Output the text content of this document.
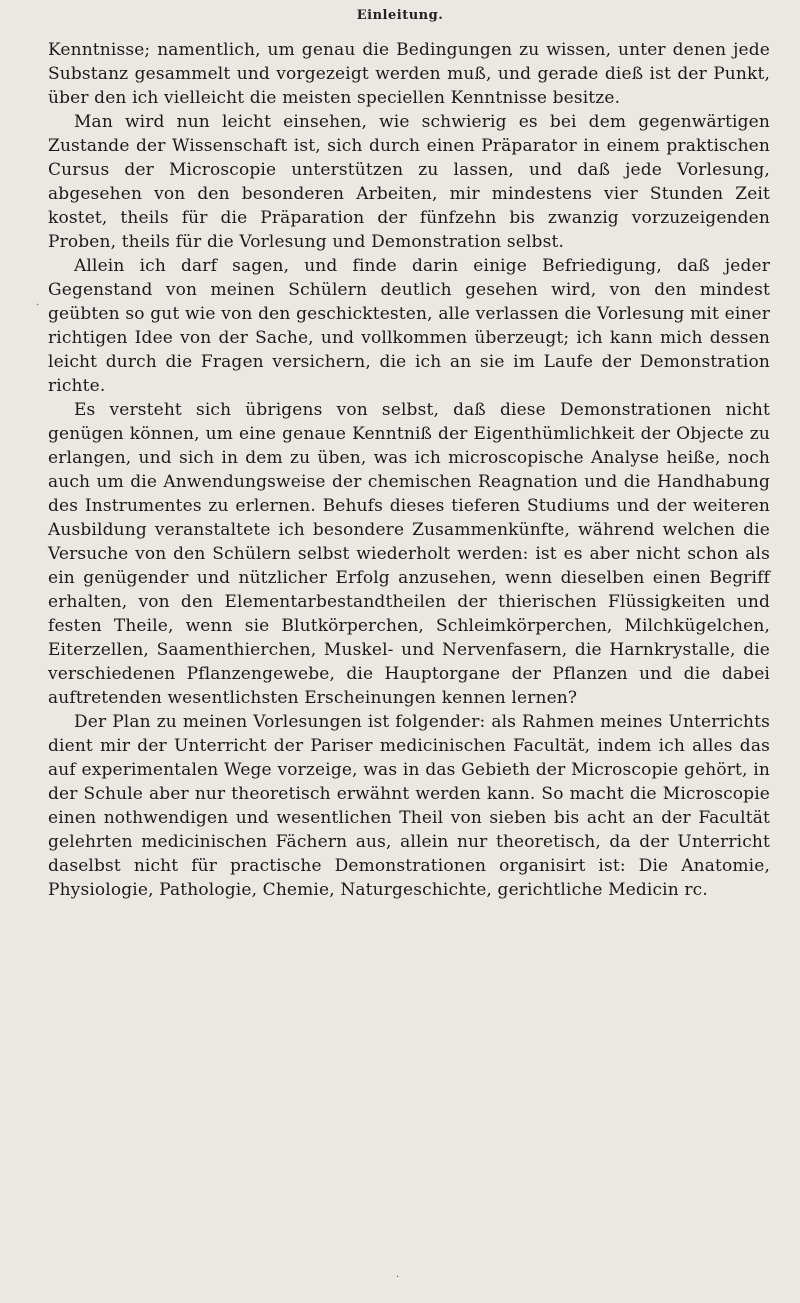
Einleitung.

Kenntnisse; namentlich, um genau die Bedingungen zu wissen, unter denen jede Substanz gesammelt und vorgezeigt werden muß, und gerade dieß ist der Punkt, über den ich vielleicht die meisten speciellen Kenntnisse besitze.

Man wird nun leicht einsehen, wie schwierig es bei dem gegenwärtigen Zustande der Wissenschaft ist, sich durch einen Präparator in einem praktischen Cursus der Microscopie unterstützen zu lassen, und daß jede Vorlesung, abgesehen von den besonderen Arbeiten, mir mindestens vier Stunden Zeit kostet, theils für die Präparation der fünfzehn bis zwanzig vorzuzeigenden Proben, theils für die Vorlesung und Demonstration selbst.

Allein ich darf sagen, und finde darin einige Befriedigung, daß jeder Gegenstand von meinen Schülern deutlich gesehen wird, von den mindest geübten so gut wie von den geschicktesten, alle verlassen die Vorlesung mit einer richtigen Idee von der Sache, und vollkommen überzeugt; ich kann mich dessen leicht durch die Fragen versichern, die ich an sie im Laufe der Demonstration richte.

Es versteht sich übrigens von selbst, daß diese Demonstrationen nicht genügen können, um eine genaue Kenntniß der Eigenthümlichkeit der Objecte zu erlangen, und sich in dem zu üben, was ich microscopische Analyse heiße, noch auch um die Anwendungsweise der chemischen Reagnation und die Handhabung des Instrumentes zu erlernen. Behufs dieses tieferen Studiums und der weiteren Ausbildung veranstaltete ich besondere Zusammenkünfte, während welchen die Versuche von den Schülern selbst wiederholt werden: ist es aber nicht schon als ein genügender und nützlicher Erfolg anzusehen, wenn dieselben einen Begriff erhalten, von den Elementarbestandtheilen der thierischen Flüssigkeiten und festen Theile, wenn sie Blutkörperchen, Schleimkörperchen, Milchkügelchen, Eiterzellen, Saamenthierchen, Muskel- und Nervenfasern, die Harnkrystalle, die verschiedenen Pflanzengewebe, die Hauptorgane der Pflanzen und die dabei auftretenden wesentlichsten Erscheinungen kennen lernen?

Der Plan zu meinen Vorlesungen ist folgender: als Rahmen meines Unterrichts dient mir der Unterricht der Pariser medicinischen Facultät, indem ich alles das auf experimentalen Wege vorzeige, was in das Gebieth der Microscopie gehört, in der Schule aber nur theoretisch erwähnt werden kann. So macht die Microscopie einen nothwendigen und wesentlichen Theil von sieben bis acht an der Facultät gelehrten medicinischen Fächern aus, allein nur theoretisch, da der Unterricht daselbst nicht für practische Demonstrationen organisirt ist: Die Anatomie, Physiologie, Pathologie, Chemie, Naturgeschichte, gerichtliche Medicin rc.

·
·
